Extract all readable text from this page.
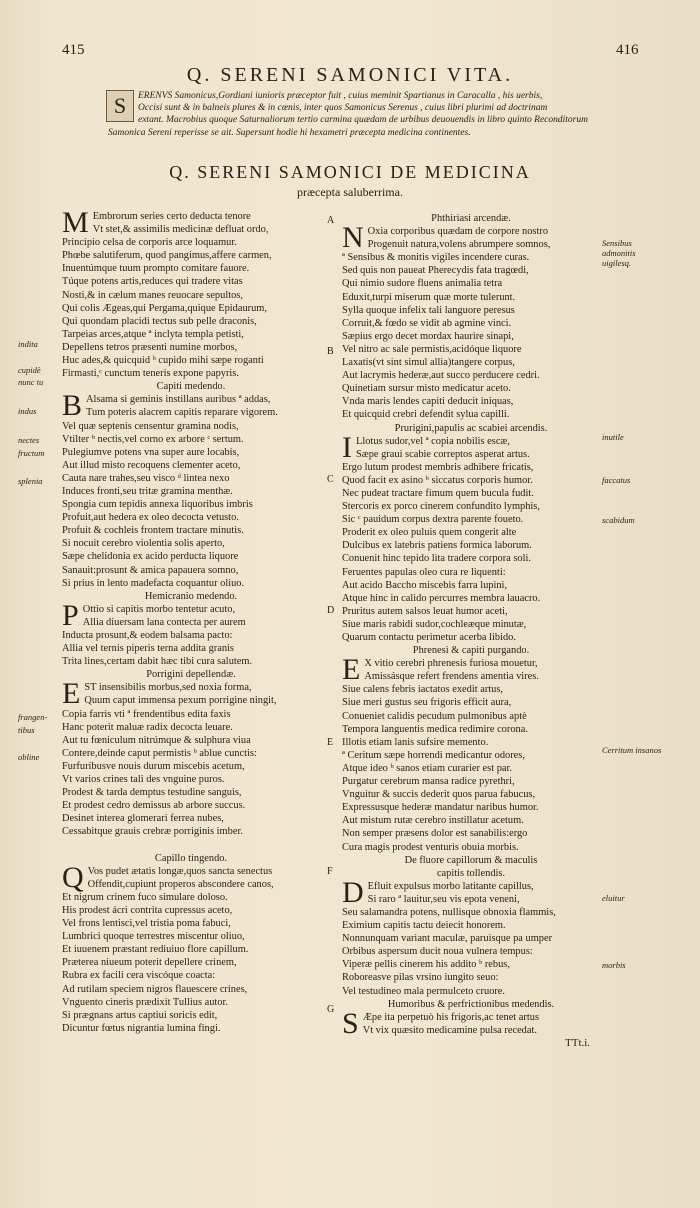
415	416
Q. SERENI SAMONICI VITA.
S	ERENVS Samonicus,Gordiani iunioris præceptor fuit , cuius meminit Spartianus in Caracalla , his uerbis,
Occisi sunt & in balneis plures & in cœnis, inter quos Samonicus Serenus , cuius libri plurimi ad doctrinam
extant. Macrobius quoque Saturnaliorum tertio carmina quædam de urbibus deuouendis in libro quinto Reconditorum
Samonica Sereni reperisse se ait. Supersunt hodie hi hexametri præcepta medicina continentes.
Q. SERENI SAMONICI DE MEDICINA
præcepta saluberrima.
M Embrorum series certo deducta tenore
Vt stet,& assimilis medicinæ defluat ordo,
Principio celsa de corporis arce loquamur.
Phœbe salutiferum, quod pangimus,affere carmen,
Inuentúmque tuum prompto comitare fauore.
Túque potens artis,reduces qui tradere vitas
Nosti,& in cælum manes reuocare sepultos,
Qui colis Ægeas,qui Pergama,quique Epidaurum,
Qui quondam placidi tectus sub pelle draconis,
Tarpeias arces,atque ª inclyta templa petisti,
Depellens tetros præsenti numine morbos,
Huc ades,& quicquid ᵇ cupido mihi sæpe roganti
Firmasti,ᶜ cunctum teneris expone papyris.
Capiti medendo.
B Alsama si geminis instillans auribus ª addas,
Tum poteris alacrem capitis reparare vigorem.
Vel quæ septenis censentur gramina nodis,
Vtilter ᵇ nectis,vel corno ex arbore ᶜ sertum.
Pulegiumve potens vna super aure locabis,
Aut illud misto recoquens clementer aceto,
Cauta nare trahes,seu visco ᵈ lintea nexo
Induces fronti,seu tritæ gramina menthæ.
Spongia cum tepidis annexa liquoribus imbris
Profuit,aut hedera ex oleo decocta vetusto.
Profuit & cochleis frontem tractare minutis.
Si nocuit cerebro violentia solis aperto,
Sæpe chelidonia ex acido perducta liquore
Sanauit:prosunt & amica papauera somno,
Si prius in lento madefacta coquantur oliuo.
Hemicranio medendo.
P Ottio si capitis morbo tentetur acuto,
Allia diuersam lana contecta per aurem
Inducta prosunt,& eodem balsama pacto:
Allia vel ternis piperis terna addita granis
Trita lines,certam dabit hæc tibi cura salutem.
Porrigini depellendæ.
E ST insensibilis morbus,sed noxia forma,
Quum caput immensa pexum porrigine ningit,
Copia farris vti ª frendentibus edita faxis
Hanc poterit maluæ radix decocta leuare.
Aut tu fœniculum nitrúmque & sulphura viua
Contere,deinde caput permistis ᵇ ablue cunctis:
Furfuribusve nouis durum miscebis acetum,
Vt varios crines tali des vnguine puros.
Prodest & tarda demptus testudine sanguis,
Et prodest cedro demissus ab arbore succus.
Desinet interea glomerari ferrea nubes,
Cessabitque grauis crebræ porriginis imber.

Capillo tingendo.
Q Vos pudet ætatis longæ,quos sancta senectus
Offendit,cupiunt properos abscondere canos,
Et nigrum crinem fuco simulare doloso.
His prodest ácri contrita cupressus aceto,
Vel frons lentisci,vel tristia poma fabuci,
Lumbrici quoque terrestres miscentur oliuo,
Et iuuenem præstant rediuiuo flore capillum.
Præterea niueum poterit depellere crinem,
Rubra ex facili cera viscóque coacta:
Ad rutilam speciem nigros flauescere crines,
Vnguento cineris prædixit Tullius autor.
Si prægnans artus captiui soricis edit,
Dicuntur fœtus nigrantia lumina fingi.
Phthiriasi arcendæ.
N Oxia corporibus quædam de corpore nostro
Progenuit natura,volens abrumpere somnos,
ª Sensibus & monitis vigiles incendere curas.
Sed quis non paueat Pherecydis fata tragœdi,
Qui nimio sudore fluens animalia tetra
Eduxit,turpi miserum quæ morte tulerunt.
Sylla quoque infelix tali languore peresus
Corruit,& fœdo se vidit ab agmine vinci.
Sæpius ergo decet mordax haurire sinapi,
Vel nitro ac sale permistis,acidóque liquore
Laxatis(vt sint simul allia)tangere corpus,
Aut lacrymis hederæ,aut succo perducere cedri.
Quinetiam sursur misto medicatur aceto.
Vnda maris lendes capiti deducit iniquas,
Et quicquid crebri defendit sylua capilli.
Prurigini,papulis ac scabiei arcendis.
I Llotus sudor,vel ª copia nobilis escæ,
Sæpe graui scabie correptos asperat artus.
Ergo lutum prodest membris adhibere fricatis,
Quod facit ex asino ᵇ siccatus corporis humor.
Nec pudeat tractare fimum quem bucula fudit.
Stercoris ex porco cinerem confundito lymphis,
Sic ᶜ pauidum corpus dextra parente foueto.
Proderit ex oleo puluis quem congerit alte
Dulcibus ex latebris patiens formica laborum.
Conuenit hinc tepido lita tradere corpora soli.
Feruentes papulas oleo cura re liquenti:
Aut acido Baccho miscebis farra lupini,
Atque hinc in calido percurres membra lauacro.
Pruritus autem salsos leuat humor aceti,
Siue maris rabidi sudor,cochleæque minutæ,
Quarum contactu perimetur acerba libido.
Phrenesi & capiti purgando.
E X vitio cerebri phrenesis furiosa mouetur,
Amissásque refert frendens amentia vires.
Siue calens febris iactatos exedit artus,
Siue meri gustus seu frigoris efficit aura,
Conueniet calidis pecudum pulmonibus aptè
Tempora languentis medica redimire corona.
Illotis etiam lanis sufsire memento.
ª Ceritum sæpe horrendi medicantur odores,
Atque ideo ᵇ sanos etiam curarier est par.
Purgatur cerebrum mansa radice pyrethri,
Vnguitur & succis dederit quos parua fabucus,
Expressusque hederæ mandatur naribus humor.
Aut mistum rutæ cerebro instillatur acetum.
Non semper præsens dolor est sanabilis:ergo
Cura magis prodest venturis obuia morbis.
De fluore capillorum & maculis
capitis tollendis.
D Efluit expulsus morbo latitante capillus,
Si raro ª lauitur,seu vis epota veneni,
Seu salamandra potens, nullisque obnoxia flammis,
Eximium capitis tactu deiecit honorem.
Nonnunquam variant maculæ, paruisque pa umper
Orbibus aspersum ducit noua vulnera tempus:
Viperæ pellis cinerem his addito ᵇ rebus,
Roboreasve pilas vrsino iungito seuo:
Vel testudineo mala permulceto cruore.
Humoribus & perfrictionibus medendis.
S Æpe ita perpetuò his frigoris,ac tenet artus
Vt vix quæsito medicamine pulsa recedat.
indita
cupidè
nunc tu
indus
nectes
fructum
splenia
frangen-
tibus
obline
Sensibus admonitis uigilesq.
inutile
faccatus
scabidum
Cerritum insanos
eluitur
morbis
A
B
C
D
E
F
G
TTt.i.
